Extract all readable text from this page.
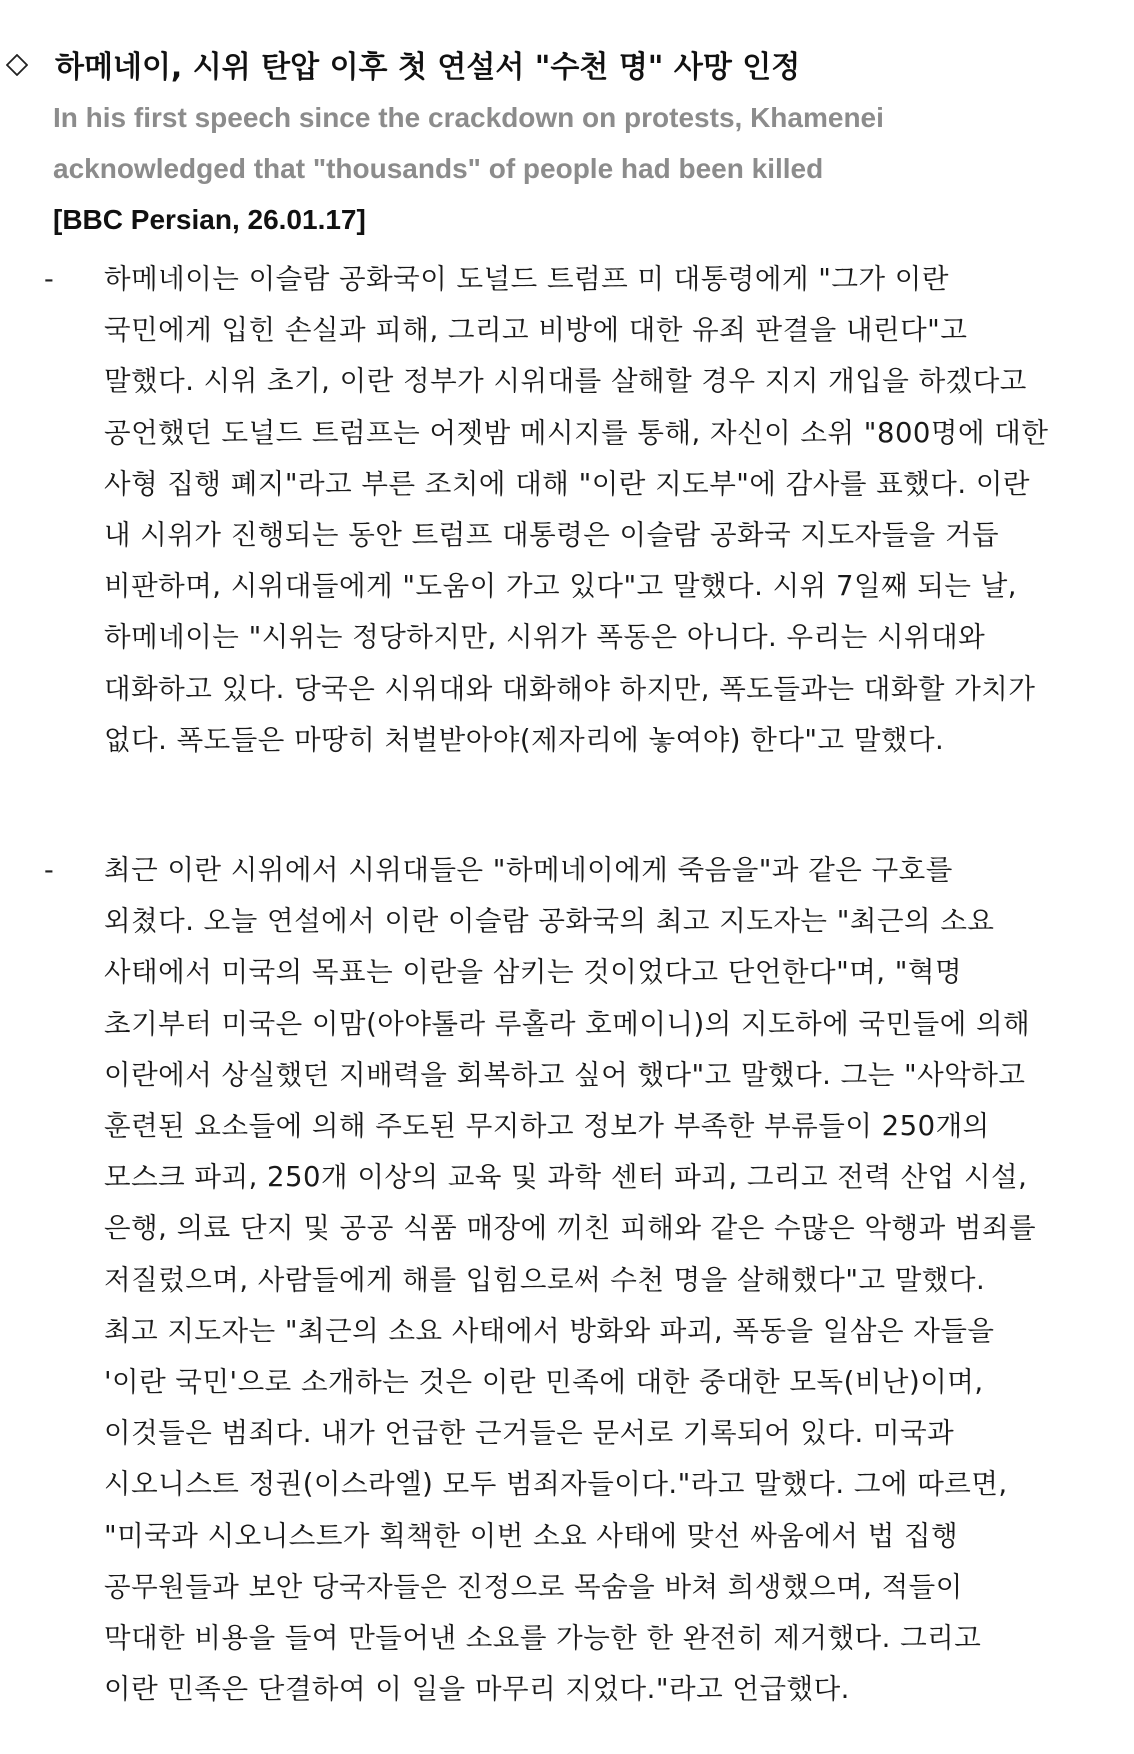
하메네이, 시위 탄압 이후 첫 연설서 "수천 명" 사망 인정
In his first speech since the crackdown on protests, Khamenei
acknowledged that "thousands" of people had been killed
[BBC Persian, 26.01.17]
- 하메네이는 이슬람 공화국이 도널드 트럼프 미 대통령에게 "그가 이란
국민에게 입힌 손실과 피해, 그리고 비방에 대한 유죄 판결을 내린다"고
말했다. 시위 초기, 이란 정부가 시위대를 살해할 경우 지지 개입을 하겠다고
공언했던 도널드 트럼프는 어젯밤 메시지를 통해, 자신이 소위 "800명에 대한
사형 집행 폐지"라고 부른 조치에 대해 "이란 지도부"에 감사를 표했다. 이란
내 시위가 진행되는 동안 트럼프 대통령은 이슬람 공화국 지도자들을 거듭
비판하며, 시위대들에게 "도움이 가고 있다"고 말했다. 시위 7일째 되는 날,
하메네이는 "시위는 정당하지만, 시위가 폭동은 아니다. 우리는 시위대와
대화하고 있다. 당국은 시위대와 대화해야 하지만, 폭도들과는 대화할 가치가
없다. 폭도들은 마땅히 처벌받아야(제자리에 놓여야) 한다"고 말했다.
- 최근 이란 시위에서 시위대들은 "하메네이에게 죽음을"과 같은 구호를
외쳤다. 오늘 연설에서 이란 이슬람 공화국의 최고 지도자는 "최근의 소요
사태에서 미국의 목표는 이란을 삼키는 것이었다고 단언한다"며, "혁명
초기부터 미국은 이맘(아야톨라 루홀라 호메이니)의 지도하에 국민들에 의해
이란에서 상실했던 지배력을 회복하고 싶어 했다"고 말했다. 그는 "사악하고
훈련된 요소들에 의해 주도된 무지하고 정보가 부족한 부류들이 250개의
모스크 파괴, 250개 이상의 교육 및 과학 센터 파괴, 그리고 전력 산업 시설,
은행, 의료 단지 및 공공 식품 매장에 끼친 피해와 같은 수많은 악행과 범죄를
저질렀으며, 사람들에게 해를 입힘으로써 수천 명을 살해했다"고 말했다.
최고 지도자는 "최근의 소요 사태에서 방화와 파괴, 폭동을 일삼은 자들을
'이란 국민'으로 소개하는 것은 이란 민족에 대한 중대한 모독(비난)이며,
이것들은 범죄다. 내가 언급한 근거들은 문서로 기록되어 있다. 미국과
시오니스트 정권(이스라엘) 모두 범죄자들이다."라고 말했다. 그에 따르면,
"미국과 시오니스트가 획책한 이번 소요 사태에 맞선 싸움에서 법 집행
공무원들과 보안 당국자들은 진정으로 목숨을 바쳐 희생했으며, 적들이
막대한 비용을 들여 만들어낸 소요를 가능한 한 완전히 제거했다. 그리고
이란 민족은 단결하여 이 일을 마무리 지었다."라고 언급했다.
